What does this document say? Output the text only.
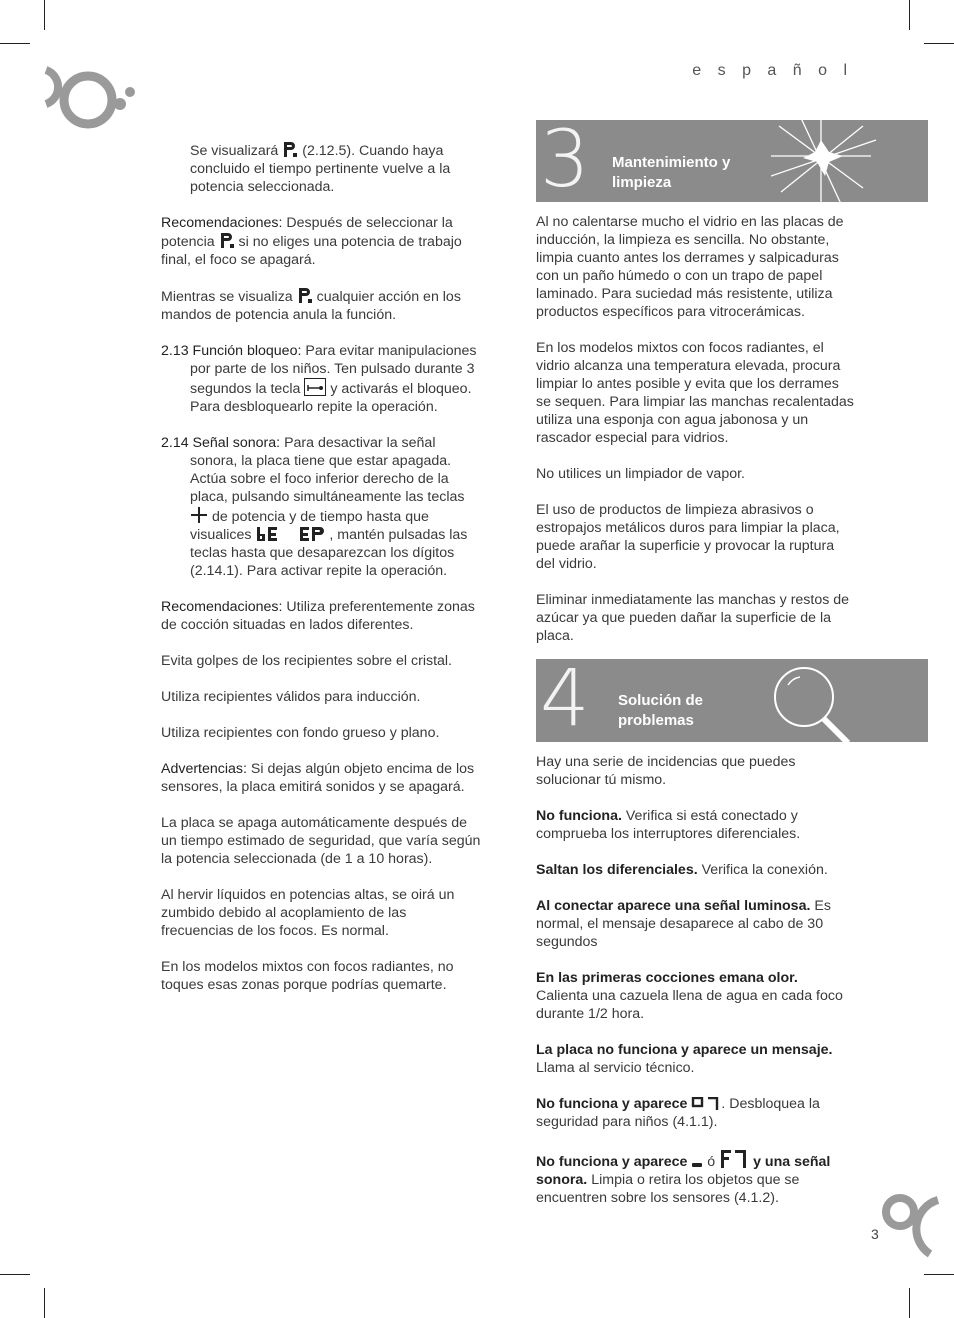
e s p a ñ o l

Se visualizará (2.12.5). Cuando haya concluido el tiempo pertinente vuelve a la potencia seleccionada.

Recomendaciones: Después de seleccionar la potencia si no eliges una potencia de trabajo final, el foco se apagará.

Mientras se visualiza cualquier acción en los mandos de potencia anula la función.

2.13 Función bloqueo: Para evitar manipulaciones por parte de los niños. Ten pulsado durante 3 segundos la tecla y activarás el bloqueo. Para desbloquearlo repite la operación.

2.14 Señal sonora: Para desactivar la señal sonora, la placa tiene que estar apagada. Actúa sobre el foco inferior derecho de la placa, pulsando simultáneamente las teclas  de potencia y de tiempo hasta que visualices	, mantén pulsadas las teclas hasta que desaparezcan los dígitos (2.14.1). Para activar repite la operación.

Recomendaciones: Utiliza preferentemente zonas de cocción situadas en lados diferentes.

Evita golpes de los recipientes sobre el cristal.

Utiliza recipientes válidos para inducción.

Utiliza recipientes con fondo grueso y plano.

Advertencias: Si dejas algún objeto encima de los sensores, la placa emitirá sonidos y se apagará.

La placa se apaga automáticamente después de un tiempo estimado de seguridad, que varía según la potencia seleccionada (de 1 a 10 horas).

Al hervir líquidos en potencias altas, se oirá un zumbido debido al acoplamiento de las frecuencias de los focos. Es normal.

En los modelos mixtos con focos radiantes, no toques esas zonas porque podrías quemarte.

3 Mantenimiento y
limpieza

Al no calentarse mucho el vidrio en las placas de inducción, la limpieza es sencilla. No obstante, limpia cuanto antes los derrames y salpicaduras con un paño húmedo o con un trapo de papel laminado. Para suciedad más resistente, utiliza productos específicos para vitrocerámicas.

En los modelos mixtos con focos radiantes, el vidrio alcanza una temperatura elevada, procura limpiar lo antes posible y evita que los derrames se sequen. Para limpiar las manchas recalentadas utiliza una esponja con agua jabonosa y un rascador especial para vidrios.

No utilices un limpiador de vapor.

El uso de productos de limpieza abrasivos o estropajos metálicos duros para limpiar la placa, puede arañar la superficie y provocar la ruptura del vidrio.

Eliminar inmediatamente las manchas y restos de azúcar ya que pueden dañar la superficie de la placa.

4 Solución de
problemas

Hay una serie de incidencias que puedes solucionar tú mismo.

No funciona. Verifica si está conectado y comprueba los interruptores diferenciales.

Saltan los diferenciales. Verifica la conexión.

Al conectar aparece una señal luminosa. Es normal, el mensaje desaparece al cabo de 30 segundos

En las primeras cocciones emana olor.
Calienta una cazuela llena de agua en cada foco durante 1/2 hora.

La placa no funciona y aparece un mensaje.
Llama al servicio técnico.

No funciona y aparece . Desbloquea la seguridad para niños (4.1.1).

No funciona y aparece ó	y una señal sonora. Limpia o retira los objetos que se encuentren sobre los sensores (4.1.2).

3
